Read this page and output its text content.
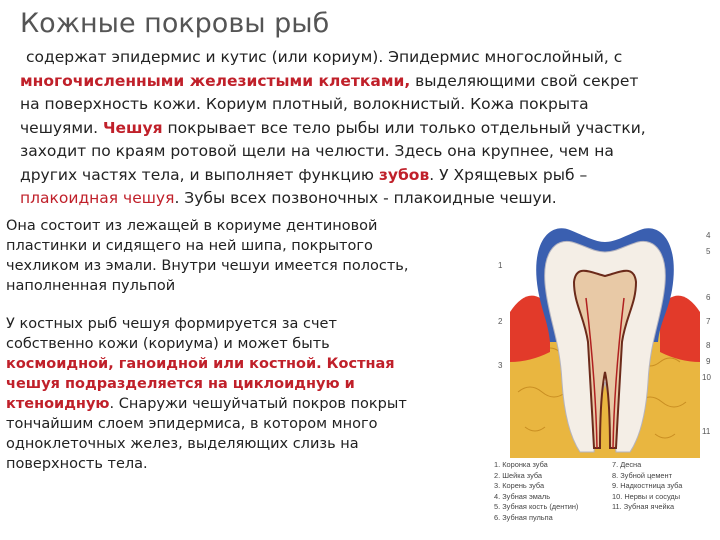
Кожные покровы рыб
содержат эпидермис и кутис (или кориум). Эпидермис многослойный, с
многочисленными железистыми клетками, выделяющими свой секрет
на поверхность кожи. Кориум плотный, волокнистый. Кожа покрыта
чешуями. Чешуя покрывает все тело рыбы или только отдельный участки,
заходит по краям ротовой щели на челюсти. Здесь она крупнее, чем на
других частях тела, и выполняет функцию зубов. У Хрящевых рыб –
плакоидная чешуя. Зубы всех позвоночных - плакоидные чешуи.
Она состоит из лежащей в кориуме дентиновой
пластинки и сидящего на ней шипа, покрытого
чехликом из эмали. Внутри чешуи имеется полость,
наполненная пульпой
У костных рыб чешуя формируется за счет
собственно кожи (кориума) и может быть
космоидной, ганоидной или костной. Костная
чешуя подразделяется на циклоидную и
ктеноидную. Снаружи чешуйчатый покров покрыт
тончайшим слоем эпидермиса, в котором много
одноклеточных желез, выделяющих слизь на
поверхность тела.
1
2
3
4
5
6
7
8
9
10
11
1. Коронка зуба	7. Десна
2. Шейка зуба	8. Зубной цемент
3. Корень зуба	9. Надкостница зуба
4. Зубная эмаль	10. Нервы и сосуды
5. Зубная кость (дентин)	11. Зубная ячейка
6. Зубная пульпа
